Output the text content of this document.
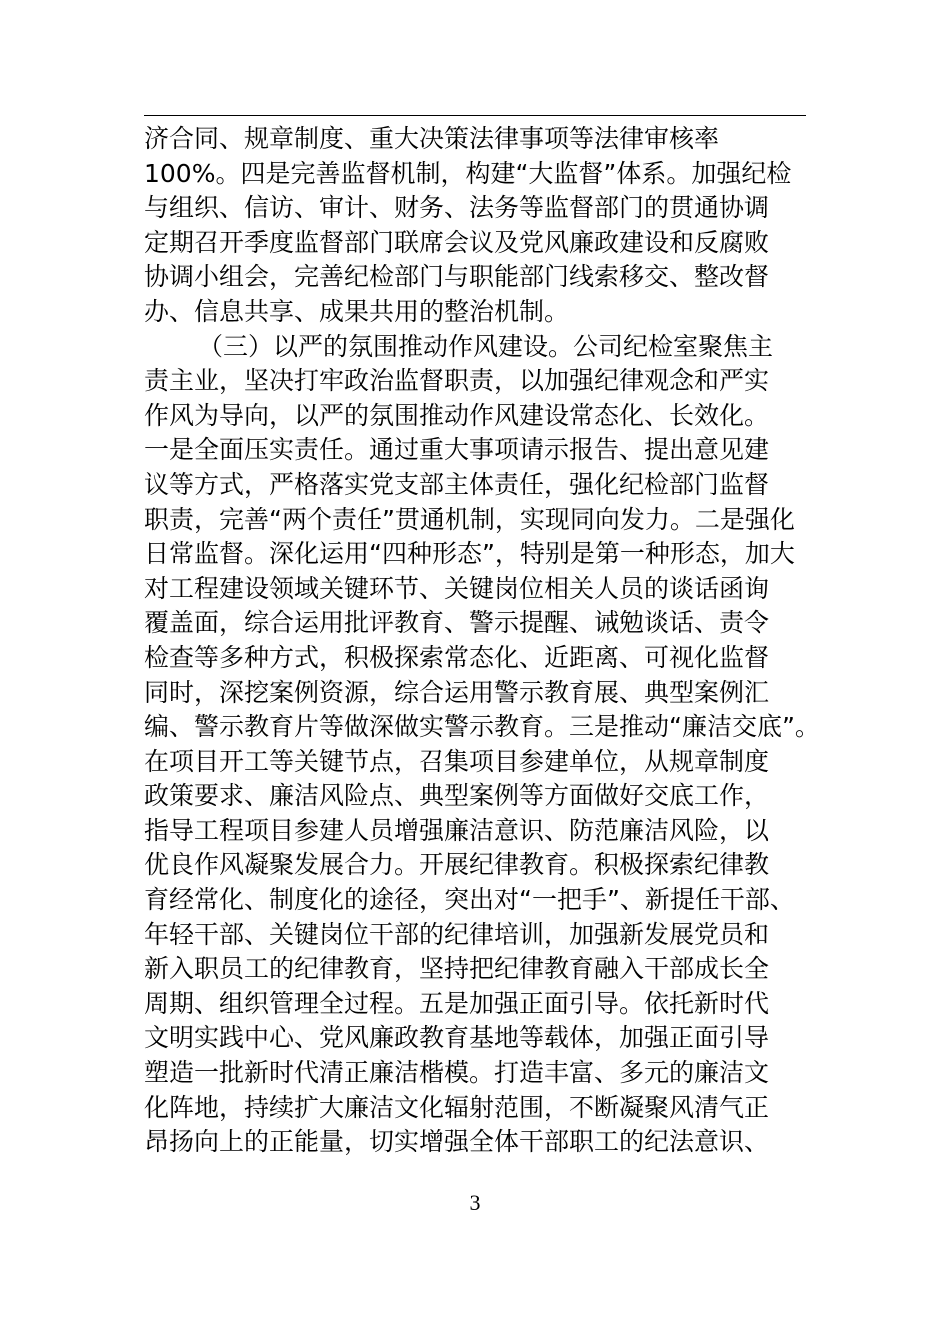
济合同、规章制度、重大决策法律事项等法律审核率
100%。四是完善监督机制，构建“大监督”体系。加强纪检
与组织、信访、审计、财务、法务等监督部门的贯通协调
定期召开季度监督部门联席会议及党风廉政建设和反腐败
协调小组会，完善纪检部门与职能部门线索移交、整改督
办、信息共享、成果共用的整治机制。
（三）以严的氛围推动作风建设。公司纪检室聚焦主
责主业，坚决打牢政治监督职责，以加强纪律观念和严实
作风为导向，以严的氛围推动作风建设常态化、长效化。
一是全面压实责任。通过重大事项请示报告、提出意见建
议等方式，严格落实党支部主体责任，强化纪检部门监督
职责，完善“两个责任”贯通机制，实现同向发力。二是强化
日常监督。深化运用“四种形态”，特别是第一种形态，加大
对工程建设领域关键环节、关键岗位相关人员的谈话函询
覆盖面，综合运用批评教育、警示提醒、诫勉谈话、责令
检查等多种方式，积极探索常态化、近距离、可视化监督
同时，深挖案例资源，综合运用警示教育展、典型案例汇
编、警示教育片等做深做实警示教育。三是推动“廉洁交底”。
在项目开工等关键节点，召集项目参建单位，从规章制度
政策要求、廉洁风险点、典型案例等方面做好交底工作，
指导工程项目参建人员增强廉洁意识、防范廉洁风险，以
优良作风凝聚发展合力。开展纪律教育。积极探索纪律教
育经常化、制度化的途径，突出对“一把手”、新提任干部、
年轻干部、关键岗位干部的纪律培训，加强新发展党员和
新入职员工的纪律教育，坚持把纪律教育融入干部成长全
周期、组织管理全过程。五是加强正面引导。依托新时代
文明实践中心、党风廉政教育基地等载体，加强正面引导
塑造一批新时代清正廉洁楷模。打造丰富、多元的廉洁文
化阵地，持续扩大廉洁文化辐射范围，不断凝聚风清气正
昂扬向上的正能量，切实增强全体干部职工的纪法意识、
3
